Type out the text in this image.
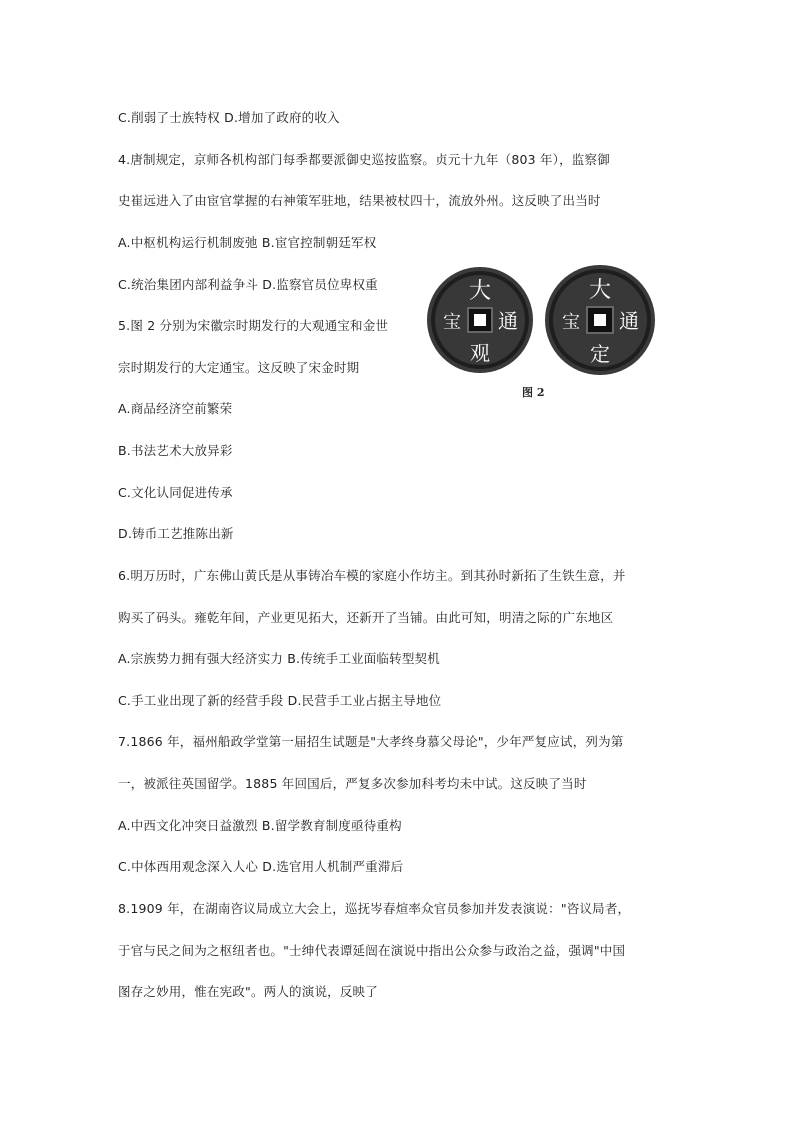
C.削弱了士族特权 D.增加了政府的收入
4.唐制规定，京师各机构部门每季都要派御史巡按监察。贞元十九年（803 年），监察御
史崔远进入了由宦官掌握的右神策军驻地，结果被杖四十，流放外州。这反映了出当时
A.中枢机构运行机制废弛 B.宦官控制朝廷军权
C.统治集团内部利益争斗 D.监察官员位卑权重
5.图 2 分别为宋徽宗时期发行的大观通宝和金世
宗时期发行的大定通宝。这反映了宋金时期
A.商品经济空前繁荣
B.书法艺术大放异彩
C.文化认同促进传承
D.铸币工艺推陈出新
6.明万历时，广东佛山黄氏是从事铸冶车模的家庭小作坊主。到其孙时新拓了生铁生意，并
购买了码头。雍乾年间，产业更见拓大，还新开了当铺。由此可知，明清之际的广东地区
A.宗族势力拥有强大经济实力 B.传统手工业面临转型契机
C.手工业出现了新的经营手段 D.民营手工业占据主导地位
7.1866 年，福州船政学堂第一届招生试题是"大孝终身慕父母论"，少年严复应试，列为第
一，被派往英国留学。1885 年回国后，严复多次参加科考均未中试。这反映了当时
A.中西文化冲突日益激烈 B.留学教育制度亟待重构
C.中体西用观念深入人心 D.选官用人机制严重滞后
8.1909 年，在湖南咨议局成立大会上，巡抚岑春煊率众官员参加并发表演说："咨议局者，
于官与民之间为之枢纽者也。"士绅代表谭延闿在演说中指出公众参与政治之益，强调"中国
图存之妙用，惟在宪政"。两人的演说，反映了
大
通
观
宝
大
通
定
宝
图 2
